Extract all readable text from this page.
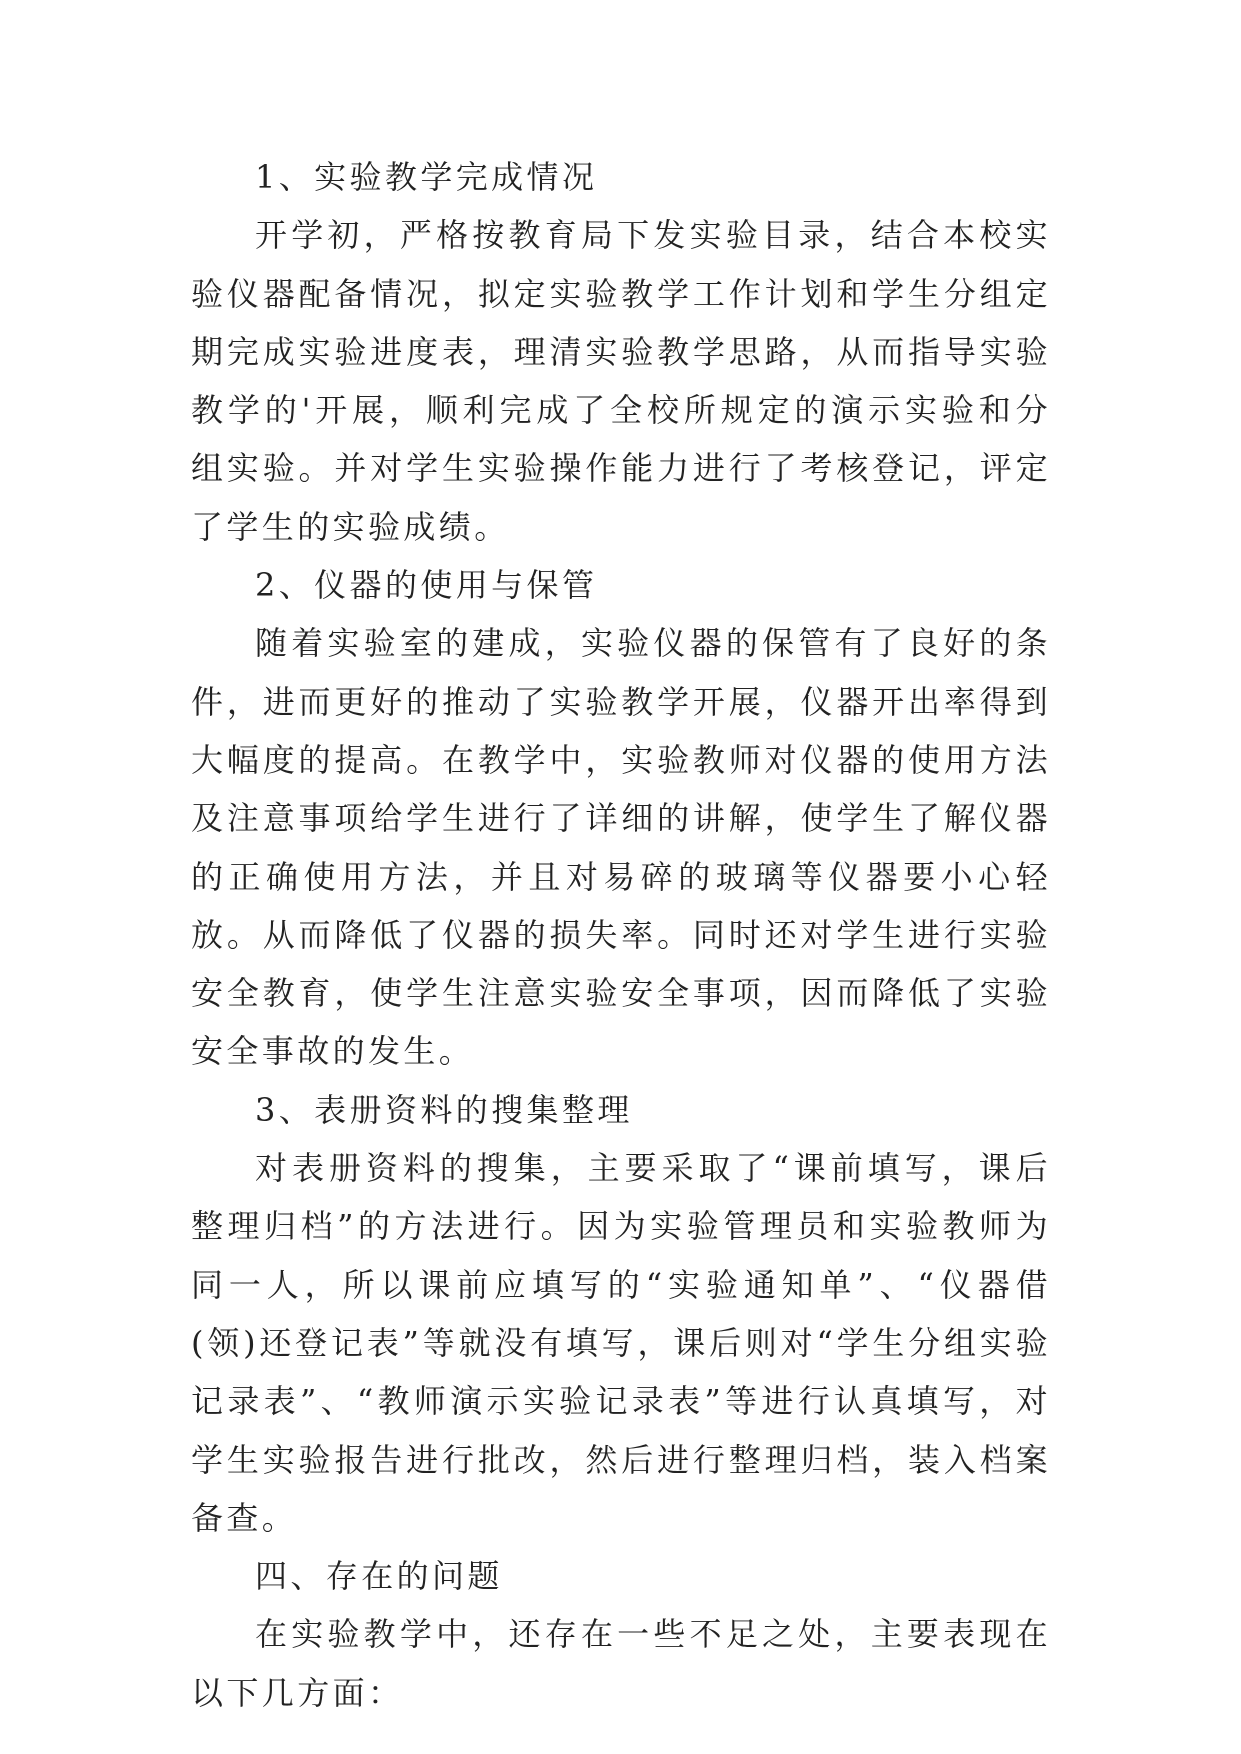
1、实验教学完成情况

开学初，严格按教育局下发实验目录，结合本校实验仪器配备情况，拟定实验教学工作计划和学生分组定期完成实验进度表，理清实验教学思路，从而指导实验教学的'开展，顺利完成了全校所规定的演示实验和分组实验。并对学生实验操作能力进行了考核登记，评定了学生的实验成绩。

2、仪器的使用与保管

随着实验室的建成，实验仪器的保管有了良好的条件，进而更好的推动了实验教学开展，仪器开出率得到大幅度的提高。在教学中，实验教师对仪器的使用方法及注意事项给学生进行了详细的讲解，使学生了解仪器的正确使用方法，并且对易碎的玻璃等仪器要小心轻放。从而降低了仪器的损失率。同时还对学生进行实验安全教育，使学生注意实验安全事项，因而降低了实验安全事故的发生。

3、表册资料的搜集整理

对表册资料的搜集，主要采取了“课前填写，课后整理归档”的方法进行。因为实验管理员和实验教师为同一人，所以课前应填写的“实验通知单”、“仪器借(领)还登记表”等就没有填写，课后则对“学生分组实验记录表”、“教师演示实验记录表”等进行认真填写，对学生实验报告进行批改，然后进行整理归档，装入档案备查。

四、存在的问题

在实验教学中，还存在一些不足之处，主要表现在以下几方面：
